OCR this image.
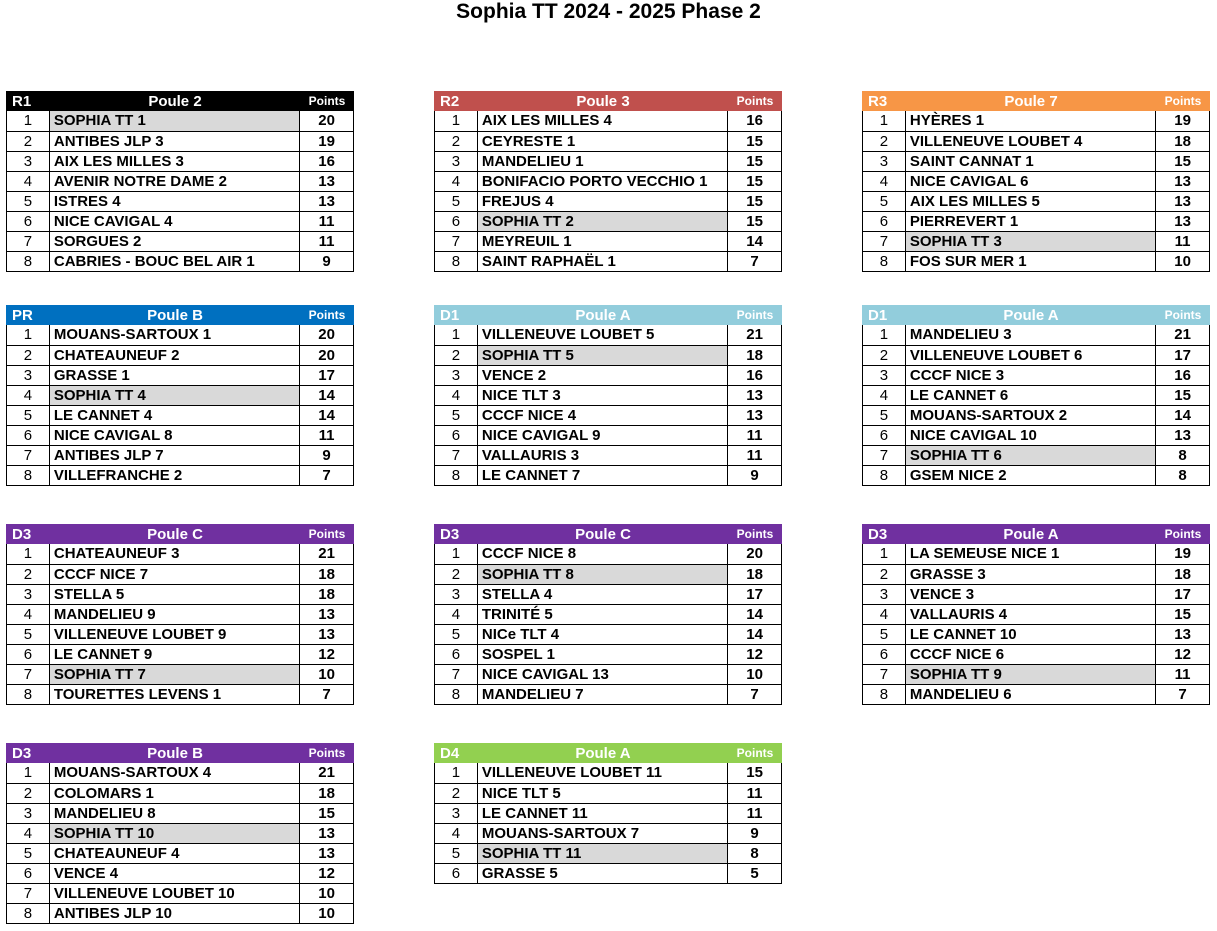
Sophia TT 2024 - 2025 Phase 2
R1	Poule 2	Points
1	SOPHIA TT 1	20
2	ANTIBES JLP 3	19
3	AIX LES MILLES 3	16
4	AVENIR NOTRE DAME 2	13
5	ISTRES 4	13
6	NICE CAVIGAL 4	11
7	SORGUES 2	11
8	CABRIES - BOUC BEL AIR 1	9
R2	Poule 3	Points
1	AIX LES MILLES 4	16
2	CEYRESTE 1	15
3	MANDELIEU 1	15
4	BONIFACIO PORTO VECCHIO 1	15
5	FREJUS 4	15
6	SOPHIA TT 2	15
7	MEYREUIL 1	14
8	SAINT RAPHAËL 1	7
R3	Poule 7	Points
1	HYÈRES 1	19
2	VILLENEUVE LOUBET 4	18
3	SAINT CANNAT 1	15
4	NICE CAVIGAL 6	13
5	AIX LES MILLES 5	13
6	PIERREVERT 1	13
7	SOPHIA TT 3	11
8	FOS SUR MER 1	10
PR	Poule B	Points
1	MOUANS-SARTOUX 1	20
2	CHATEAUNEUF 2	20
3	GRASSE 1	17
4	SOPHIA TT 4	14
5	LE CANNET 4	14
6	NICE CAVIGAL 8	11
7	ANTIBES JLP 7	9
8	VILLEFRANCHE 2	7
D1	Poule A	Points
1	VILLENEUVE LOUBET 5	21
2	SOPHIA TT 5	18
3	VENCE 2	16
4	NICE TLT 3	13
5	CCCF NICE 4	13
6	NICE CAVIGAL 9	11
7	VALLAURIS 3	11
8	LE CANNET 7	9
D1	Poule A	Points
1	MANDELIEU 3	21
2	VILLENEUVE LOUBET 6	17
3	CCCF NICE 3	16
4	LE CANNET 6	15
5	MOUANS-SARTOUX 2	14
6	NICE CAVIGAL 10	13
7	SOPHIA TT 6	8
8	GSEM NICE 2	8
D3	Poule C	Points
1	CHATEAUNEUF 3	21
2	CCCF NICE 7	18
3	STELLA 5	18
4	MANDELIEU 9	13
5	VILLENEUVE LOUBET 9	13
6	LE CANNET 9	12
7	SOPHIA TT 7	10
8	TOURETTES LEVENS 1	7
D3	Poule C	Points
1	CCCF NICE 8	20
2	SOPHIA TT 8	18
3	STELLA 4	17
4	TRINITÉ 5	14
5	NICe TLT 4	14
6	SOSPEL 1	12
7	NICE CAVIGAL 13	10
8	MANDELIEU 7	7
D3	Poule A	Points
1	LA SEMEUSE NICE 1	19
2	GRASSE 3	18
3	VENCE 3	17
4	VALLAURIS 4	15
5	LE CANNET 10	13
6	CCCF NICE 6	12
7	SOPHIA TT 9	11
8	MANDELIEU 6	7
D3	Poule B	Points
1	MOUANS-SARTOUX 4	21
2	COLOMARS 1	18
3	MANDELIEU 8	15
4	SOPHIA TT 10	13
5	CHATEAUNEUF 4	13
6	VENCE 4	12
7	VILLENEUVE LOUBET 10	10
8	ANTIBES JLP 10	10
D4	Poule A	Points
1	VILLENEUVE LOUBET 11	15
2	NICE TLT 5	11
3	LE CANNET 11	11
4	MOUANS-SARTOUX 7	9
5	SOPHIA TT 11	8
6	GRASSE 5	5
